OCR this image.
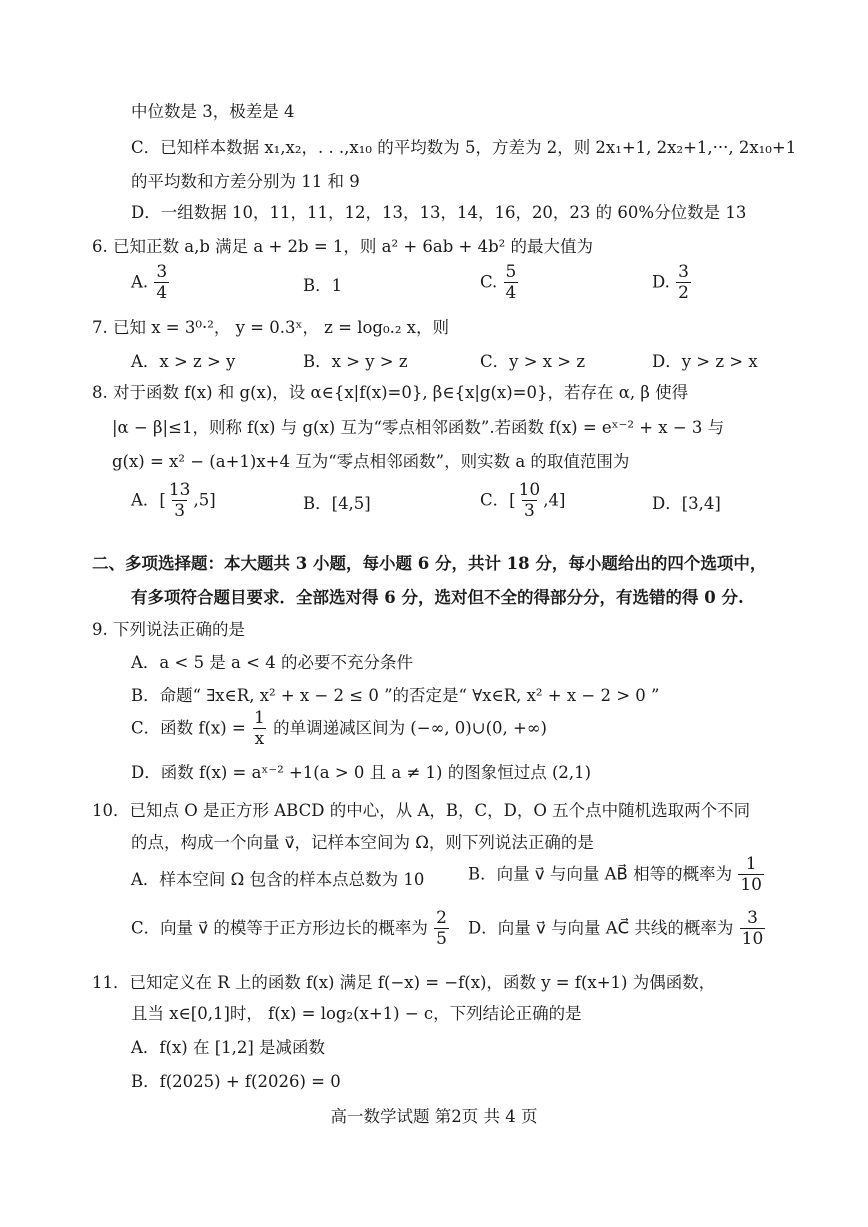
中位数是 3，极差是 4
C．已知样本数据 x₁,x₂，. . .,x₁₀ 的平均数为 5，方差为 2，则 2x₁+1, 2x₂+1,···, 2x₁₀+1
的平均数和方差分别为 11 和 9
D．一组数据 10，11，11，12，13，13，14，16，20，23 的 60%分位数是 13
6. 已知正数 a,b 满足 a + 2b = 1，则 a² + 6ab + 4b² 的最大值为
A. $\frac{3}{4}$	B．1	C. $\frac{5}{4}$	D. $\frac{3}{2}$
7. 已知 x = 3⁰·²， y = 0.3ˣ， z = log₀.₂ x，则
A．x > z > y	B．x > y > z	C．y > x > z	D．y > z > x
8. 对于函数 f(x) 和 g(x)，设 α∈{x|f(x)=0}, β∈{x|g(x)=0}，若存在 α, β 使得
|α − β|≤1，则称 f(x) 与 g(x) 互为“零点相邻函数”.若函数 f(x) = eˣ⁻² + x − 3 与
g(x) = x² − (a+1)x+4 互为“零点相邻函数”，则实数 a 的取值范围为
A．[ $\frac{13}{3} ,5$]	B．[4,5]	C．[ $\frac{10}{3} ,4$]	D．[3,4]
二、多项选择题：本大题共 3 小题，每小题 6 分，共计 18 分，每小题给出的四个选项中，
有多项符合题目要求．全部选对得 6 分，选对但不全的得部分分，有选错的得 0 分.
9. 下列说法正确的是
A．a < 5 是 a < 4 的必要不充分条件
B．命题“ ∃x∈R, x² + x − 2 ≤ 0 ”的否定是“ ∀x∈R, x² + x − 2 > 0 ”
C．函数 $f(x) = \frac{1}{x}$ 的单调递减区间为 (−∞, 0)∪(0, +∞)
D．函数 f(x) = aˣ⁻² +1(a > 0 且 a ≠ 1) 的图象恒过点 (2,1)
10．已知点 O 是正方形 ABCD 的中心，从 A，B，C，D，O 五个点中随机选取两个不同
的点，构成一个向量 v⃗，记样本空间为 Ω，则下列说法正确的是
A．样本空间 Ω 包含的样本点总数为 10	B．向量 v⃗ 与向量 AB⃗ 相等的概率为 $\frac{1}{10}$
C．向量 v⃗ 的模等于正方形边长的概率为 $\frac{2}{5}$ D．向量 v⃗ 与向量 AC⃗ 共线的概率为 $\frac{3}{10}$
11．已知定义在 R 上的函数 f(x) 满足 f(−x) = −f(x)，函数 y = f(x+1) 为偶函数，
且当 x∈[0,1]时， f(x) = log₂(x+1) − c，下列结论正确的是
A．f(x) 在 [1,2] 是减函数
B．f(2025) + f(2026) = 0
高一数学试题 第2页 共 4 页
